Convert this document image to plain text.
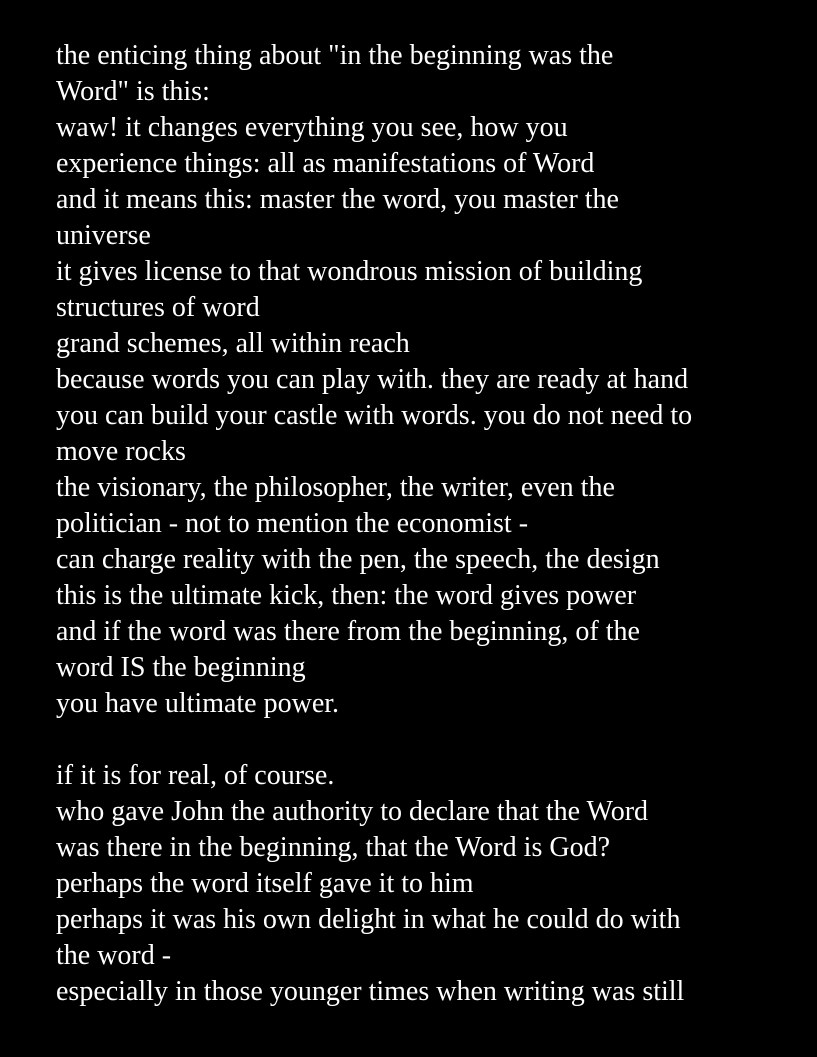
the enticing thing about "in the beginning was the
Word" is this:
waw! it changes everything you see, how you
experience things: all as manifestations of Word
and it means this: master the word, you master the
universe
it gives license to that wondrous mission of building
structures of word
grand schemes, all within reach
because words you can play with. they are ready at hand
you can build your castle with words. you do not need to
move rocks
the visionary, the philosopher, the writer, even the
politician - not to mention the economist -
can charge reality with the pen, the speech, the design
this is the ultimate kick, then: the word gives power
and if the word was there from the beginning, of the
word IS the beginning
you have ultimate power.
if it is for real, of course.
who gave John the authority to declare that the Word
was there in the beginning, that the Word is God?
perhaps the word itself gave it to him
perhaps it was his own delight in what he could do with
the word -
especially in those younger times when writing was still
